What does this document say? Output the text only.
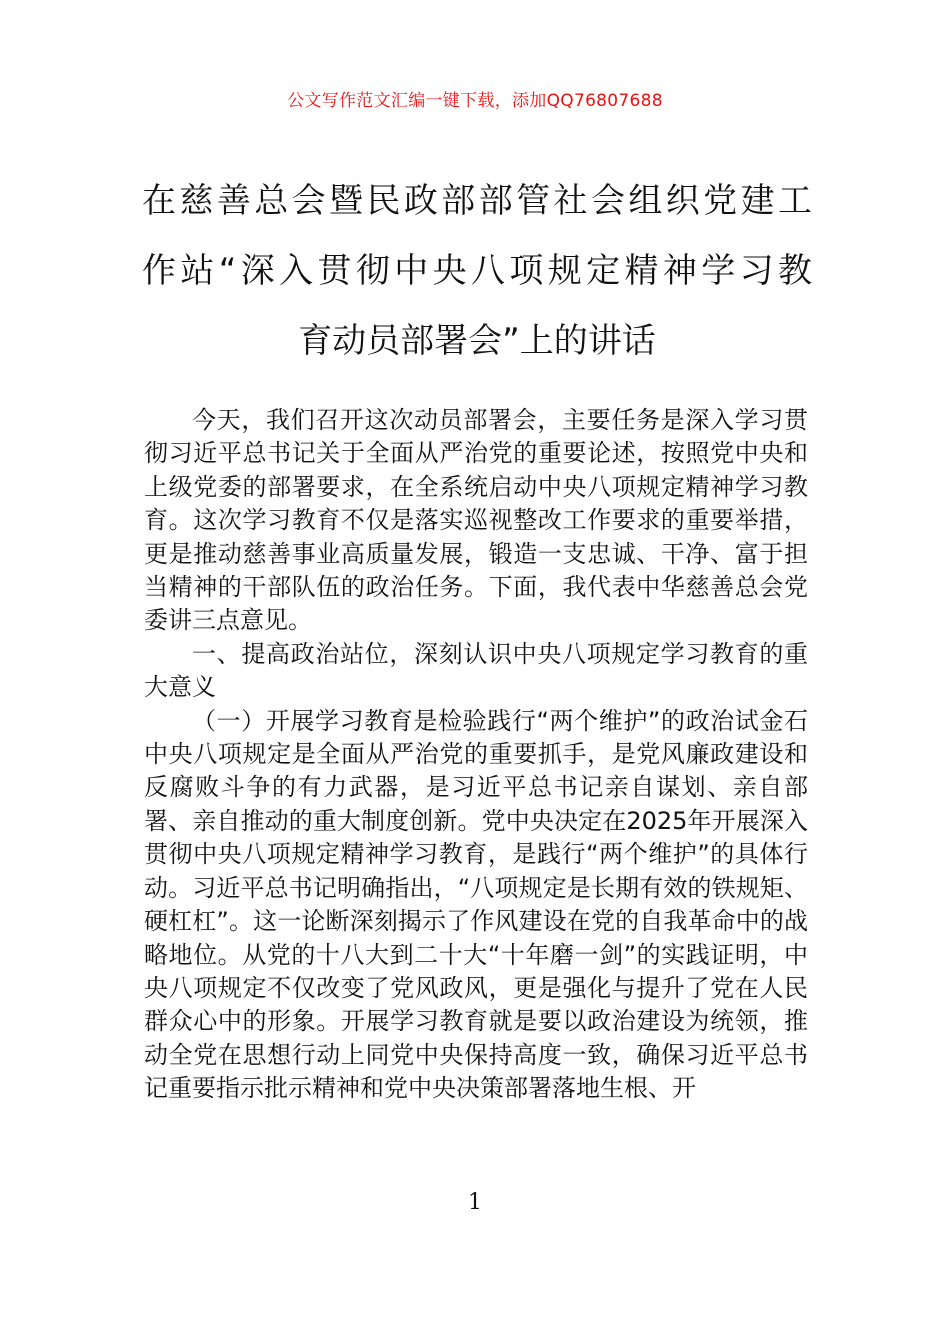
公文写作范文汇编一键下载，添加QQ76807688
在慈善总会暨民政部部管社会组织党建工
作站“深入贯彻中央八项规定精神学习教
育动员部署会”上的讲话

今天，我们召开这次动员部署会，主要任务是深入学习贯彻习近平总书记关于全面从严治党的重要论述，按照党中央和上级党委的部署要求，在全系统启动中央八项规定精神学习教育。这次学习教育不仅是落实巡视整改工作要求的重要举措，更是推动慈善事业高质量发展，锻造一支忠诚、干净、富于担当精神的干部队伍的政治任务。下面，我代表中华慈善总会党委讲三点意见。

一、提高政治站位，深刻认识中央八项规定学习教育的重大意义

（一）开展学习教育是检验践行“两个维护”的政治试金石中央八项规定是全面从严治党的重要抓手，是党风廉政建设和反腐败斗争的有力武器，是习近平总书记亲自谋划、亲自部署、亲自推动的重大制度创新。党中央决定在2025年开展深入贯彻中央八项规定精神学习教育，是践行“两个维护”的具体行动。习近平总书记明确指出，“八项规定是长期有效的铁规矩、硬杠杠”。这一论断深刻揭示了作风建设在党的自我革命中的战略地位。从党的十八大到二十大“十年磨一剑”的实践证明，中央八项规定不仅改变了党风政风，更是强化与提升了党在人民群众心中的形象。开展学习教育就是要以政治建设为统领，推动全党在思想行动上同党中央保持高度一致，确保习近平总书记重要指示批示精神和党中央决策部署落地生根、开

1
